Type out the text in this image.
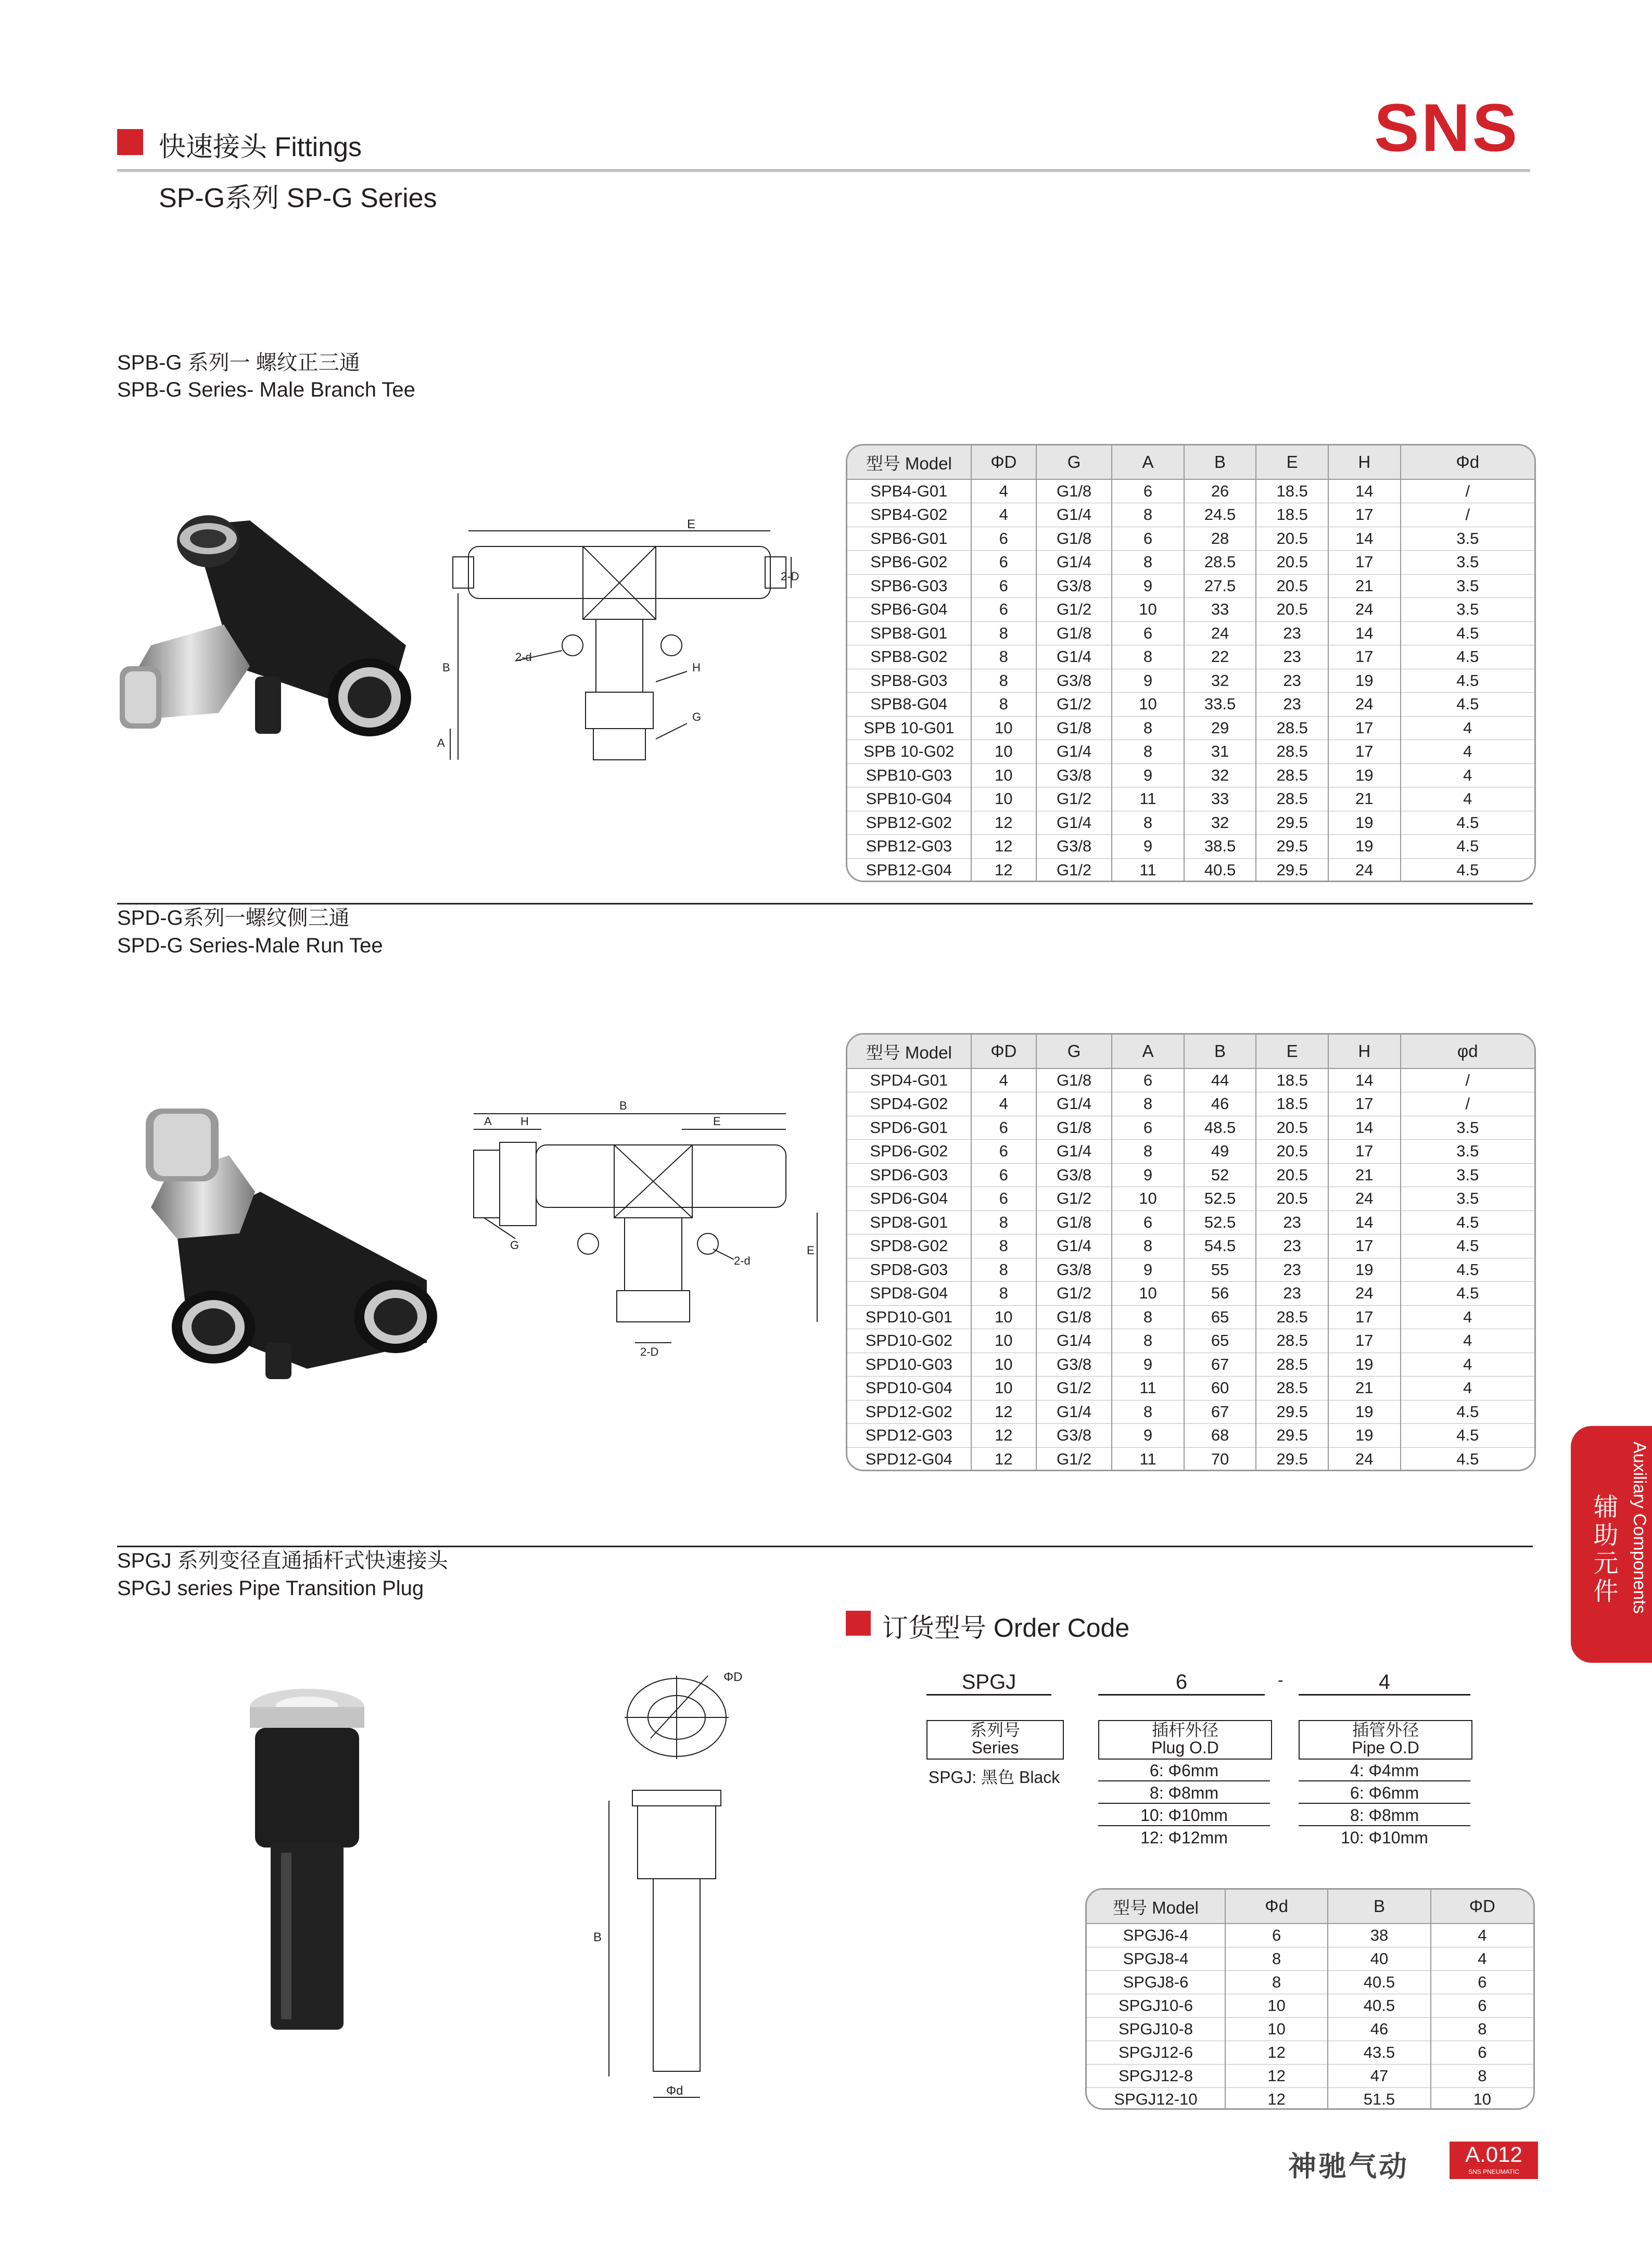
快速接头 Fittings
SP-G系列 SP-G Series
SNS
SPB-G 系列一 螺纹正三通
SPB-G Series- Male Branch Tee
E
2-D
B
2-d
H
G
A
型号 Model	ΦD	G	A	B	E	H	Φd
SPB4-G01	4	G1/8	6	26	18.5	14	/
SPB4-G02	4	G1/4	8	24.5	18.5	17	/
SPB6-G01	6	G1/8	6	28	20.5	14	3.5
SPB6-G02	6	G1/4	8	28.5	20.5	17	3.5
SPB6-G03	6	G3/8	9	27.5	20.5	21	3.5
SPB6-G04	6	G1/2	10	33	20.5	24	3.5
SPB8-G01	8	G1/8	6	24	23	14	4.5
SPB8-G02	8	G1/4	8	22	23	17	4.5
SPB8-G03	8	G3/8	9	32	23	19	4.5
SPB8-G04	8	G1/2	10	33.5	23	24	4.5
SPB 10-G01	10	G1/8	8	29	28.5	17	4
SPB 10-G02	10	G1/4	8	31	28.5	17	4
SPB10-G03	10	G3/8	9	32	28.5	19	4
SPB10-G04	10	G1/2	11	33	28.5	21	4
SPB12-G02	12	G1/4	8	32	29.5	19	4.5
SPB12-G03	12	G3/8	9	38.5	29.5	19	4.5
SPB12-G04	12	G1/2	11	40.5	29.5	24	4.5
SPD-G系列一螺纹侧三通
SPD-G Series-Male Run Tee
A	H
B
E
G
2-d
E
2-D
型号 Model	ΦD	G	A	B	E	H	φd
SPD4-G01	4	G1/8	6	44	18.5	14	/
SPD4-G02	4	G1/4	8	46	18.5	17	/
SPD6-G01	6	G1/8	6	48.5	20.5	14	3.5
SPD6-G02	6	G1/4	8	49	20.5	17	3.5
SPD6-G03	6	G3/8	9	52	20.5	21	3.5
SPD6-G04	6	G1/2	10	52.5	20.5	24	3.5
SPD8-G01	8	G1/8	6	52.5	23	14	4.5
SPD8-G02	8	G1/4	8	54.5	23	17	4.5
SPD8-G03	8	G3/8	9	55	23	19	4.5
SPD8-G04	8	G1/2	10	56	23	24	4.5
SPD10-G01	10	G1/8	8	65	28.5	17	4
SPD10-G02	10	G1/4	8	65	28.5	17	4
SPD10-G03	10	G3/8	9	67	28.5	19	4
SPD10-G04	10	G1/2	11	60	28.5	21	4
SPD12-G02	12	G1/4	8	67	29.5	19	4.5
SPD12-G03	12	G3/8	9	68	29.5	19	4.5
SPD12-G04	12	G1/2	11	70	29.5	24	4.5
SPGJ 系列变径直通插杆式快速接头
SPGJ series Pipe Transition Plug
ΦD
B
Φd
订货型号 Order Code
SPGJ	6	-	4
系列号
Series
SPGJ: 黑色 Black
插杆外径
Plug O.D
6: Φ6mm
8: Φ8mm
10: Φ10mm
12: Φ12mm
插管外径
Pipe O.D
4: Φ4mm
6: Φ6mm
8: Φ8mm
10: Φ10mm
型号 Model	Φd	B	ΦD
SPGJ6-4	6	38	4
SPGJ8-4	8	40	4
SPGJ8-6	8	40.5	6
SPGJ10-6	10	40.5	6
SPGJ10-8	10	46	8
SPGJ12-6	12	43.5	6
SPGJ12-8	12	47	8
SPGJ12-10	12	51.5	10
Auxiliary Components
辅助元件
神驰气动	A.012
SNS PNEUMATIC
